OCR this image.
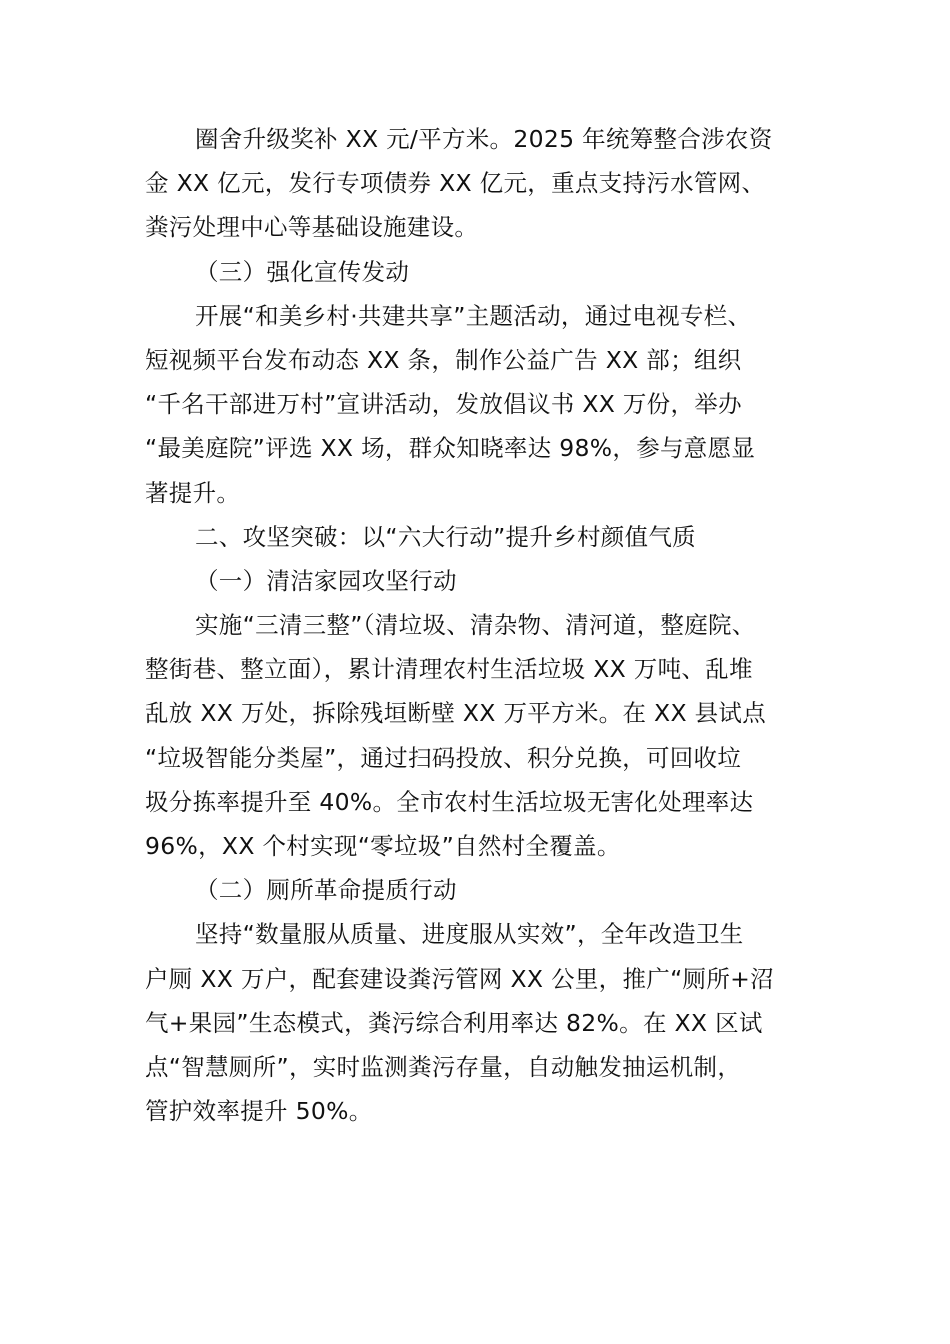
圈舍升级奖补 XX 元/平方米。2025 年统筹整合涉农资
金 XX 亿元，发行专项债券 XX 亿元，重点支持污水管网、
粪污处理中心等基础设施建设。
（三）强化宣传发动
开展“和美乡村·共建共享”主题活动，通过电视专栏、
短视频平台发布动态 XX 条，制作公益广告 XX 部；组织
“千名干部进万村”宣讲活动，发放倡议书 XX 万份，举办
“最美庭院”评选 XX 场，群众知晓率达 98%，参与意愿显
著提升。
二、攻坚突破：以“六大行动”提升乡村颜值气质
（一）清洁家园攻坚行动
实施“三清三整”（清垃圾、清杂物、清河道，整庭院、
整街巷、整立面），累计清理农村生活垃圾 XX 万吨、乱堆
乱放 XX 万处，拆除残垣断壁 XX 万平方米。在 XX 县试点
“垃圾智能分类屋”，通过扫码投放、积分兑换，可回收垃
圾分拣率提升至 40%。全市农村生活垃圾无害化处理率达
96%，XX 个村实现“零垃圾”自然村全覆盖。
（二）厕所革命提质行动
坚持“数量服从质量、进度服从实效”，全年改造卫生
户厕 XX 万户，配套建设粪污管网 XX 公里，推广“厕所+沼
气+果园”生态模式，粪污综合利用率达 82%。在 XX 区试
点“智慧厕所”，实时监测粪污存量，自动触发抽运机制，
管护效率提升 50%。
